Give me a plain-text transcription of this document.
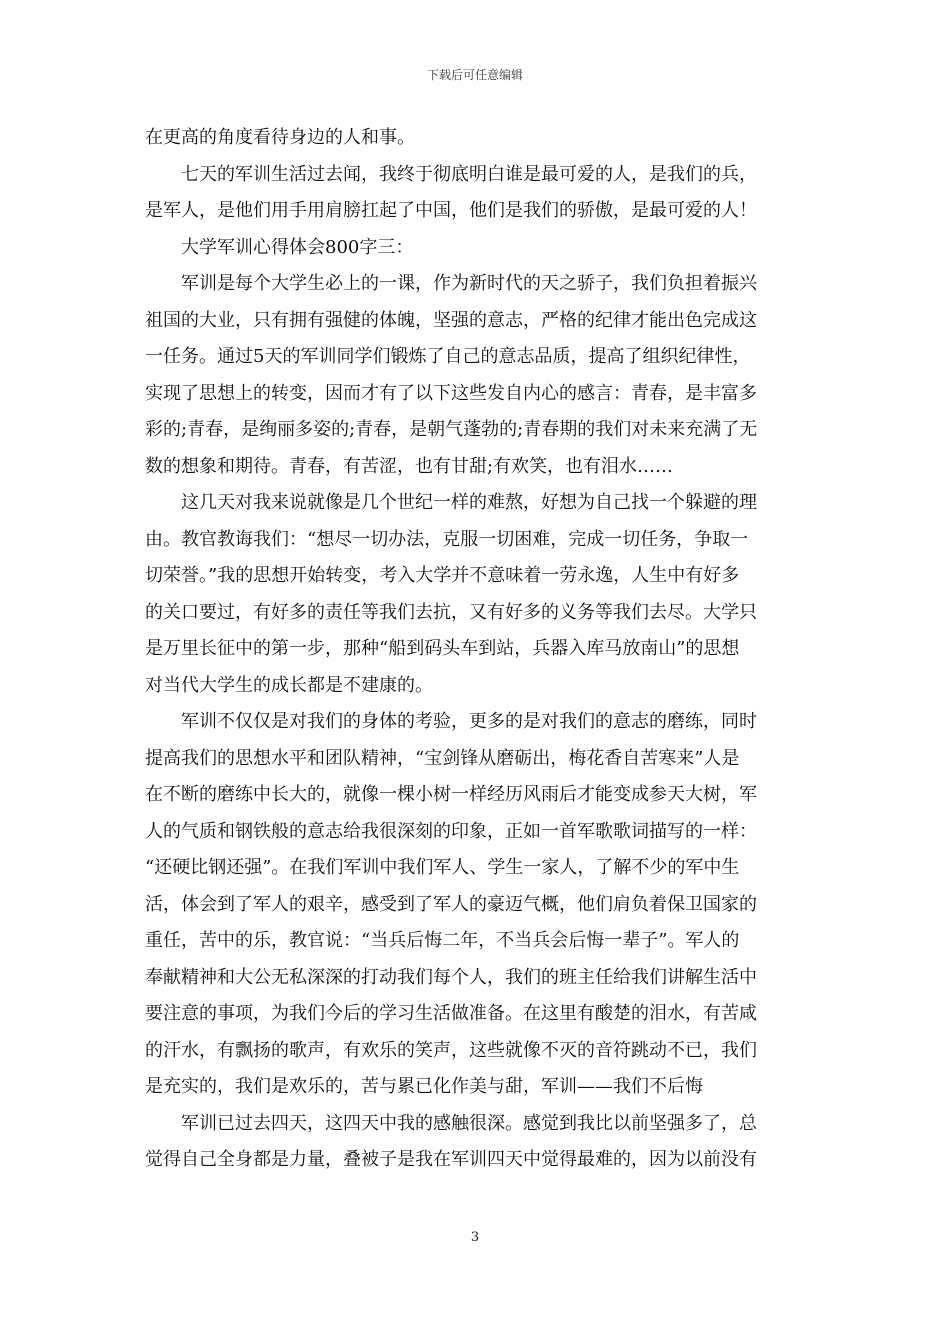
下载后可任意编辑
在更高的角度看待身边的人和事。
七天的军训生活过去闻，我终于彻底明白谁是最可爱的人，是我们的兵，
是军人，是他们用手用肩膀扛起了中国，他们是我们的骄傲，是最可爱的人！
大学军训心得体会800字三：
军训是每个大学生必上的一课，作为新时代的天之骄子，我们负担着振兴
祖国的大业，只有拥有强健的体魄，坚强的意志，严格的纪律才能出色完成这
一任务。通过5天的军训同学们锻炼了自己的意志品质，提高了组织纪律性，
实现了思想上的转变，因而才有了以下这些发自内心的感言：青春，是丰富多
彩的;青春，是绚丽多姿的;青春，是朝气蓬勃的;青春期的我们对未来充满了无
数的想象和期待。青春，有苦涩，也有甘甜;有欢笑，也有泪水……
这几天对我来说就像是几个世纪一样的难熬，好想为自己找一个躲避的理
由。教官教诲我们：“想尽一切办法，克服一切困难，完成一切任务，争取一
切荣誉。”我的思想开始转变，考入大学并不意味着一劳永逸，人生中有好多
的关口要过，有好多的责任等我们去抗，又有好多的义务等我们去尽。大学只
是万里长征中的第一步，那种“船到码头车到站，兵器入库马放南山”的思想
对当代大学生的成长都是不建康的。
军训不仅仅是对我们的身体的考验，更多的是对我们的意志的磨练，同时
提高我们的思想水平和团队精神，“宝剑锋从磨砺出，梅花香自苦寒来”人是
在不断的磨练中长大的，就像一棵小树一样经历风雨后才能变成参天大树，军
人的气质和钢铁般的意志给我很深刻的印象，正如一首军歌歌词描写的一样：
“还硬比钢还强”。在我们军训中我们军人、学生一家人，了解不少的军中生
活，体会到了军人的艰辛，感受到了军人的豪迈气概，他们肩负着保卫国家的
重任，苦中的乐，教官说：“当兵后悔二年，不当兵会后悔一辈子”。军人的
奉献精神和大公无私深深的打动我们每个人，我们的班主任给我们讲解生活中
要注意的事项，为我们今后的学习生活做准备。在这里有酸楚的泪水，有苦咸
的汗水，有飘扬的歌声，有欢乐的笑声，这些就像不灭的音符跳动不已，我们
是充实的，我们是欢乐的，苦与累已化作美与甜，军训——我们不后悔
军训已过去四天，这四天中我的感触很深。感觉到我比以前坚强多了，总
觉得自己全身都是力量，叠被子是我在军训四天中觉得最难的，因为以前没有
3
